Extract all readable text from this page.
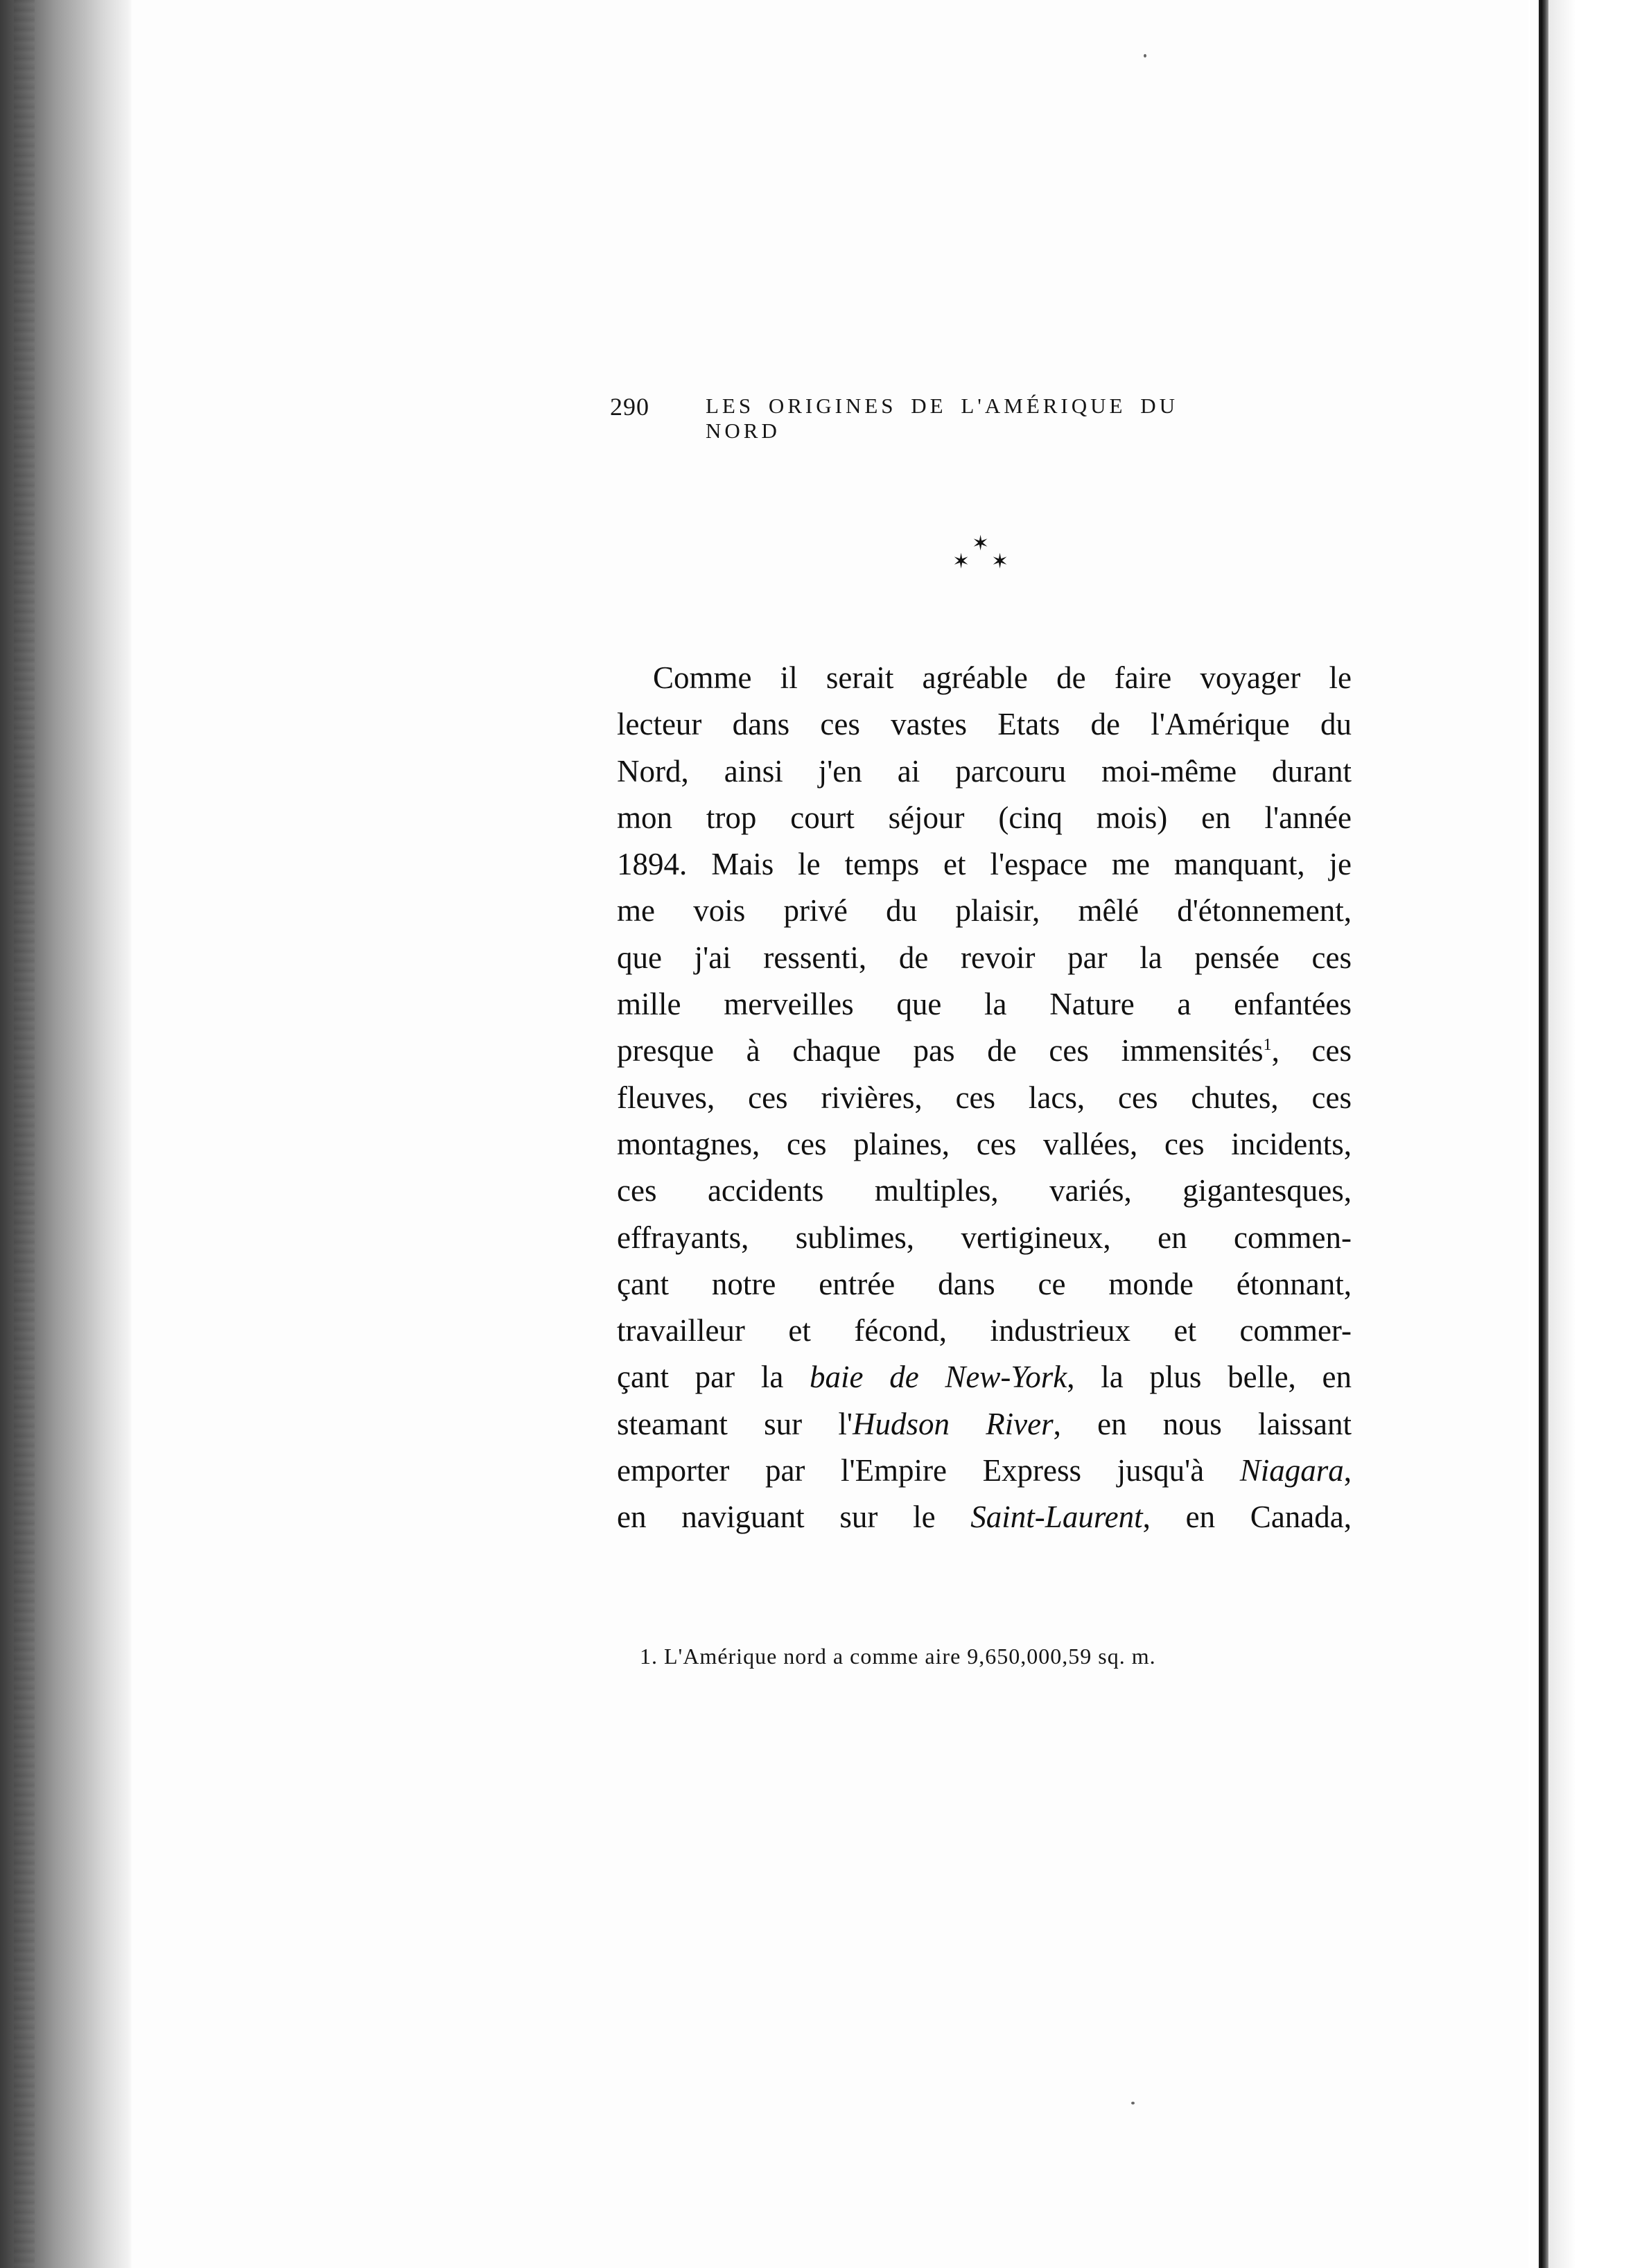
290	LES ORIGINES DE L'AMÉRIQUE DU NORD
✶
✶ ✶
Comme il serait agréable de faire voyager le
lecteur dans ces vastes Etats de l'Amérique du
Nord, ainsi j'en ai parcouru moi-même durant
mon trop court séjour (cinq mois) en l'année
1894. Mais le temps et l'espace me manquant, je
me vois privé du plaisir, mêlé d'étonnement,
que j'ai ressenti, de revoir par la pensée ces
mille merveilles que la Nature a enfantées
presque à chaque pas de ces immensités$^1$, ces
fleuves, ces rivières, ces lacs, ces chutes, ces
montagnes, ces plaines, ces vallées, ces incidents,
ces accidents multiples, variés, gigantesques,
effrayants, sublimes, vertigineux, en commen-
çant notre entrée dans ce monde étonnant,
travailleur et fécond, industrieux et commer-
çant par la baie de New-York, la plus belle, en
steamant sur l'Hudson River, en nous laissant
emporter par l'Empire Express jusqu'à Niagara,
en naviguant sur le Saint-Laurent, en Canada,
1. L'Amérique nord a comme aire 9,650,000,59 sq. m.
